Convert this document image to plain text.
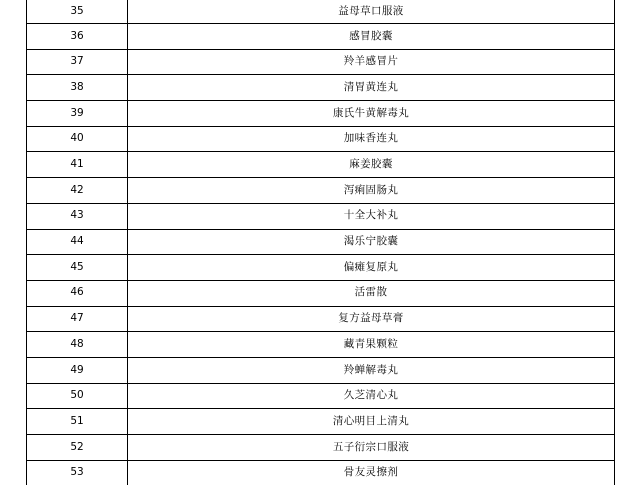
35	益母草口服液
36	感冒胶囊
37	羚羊感冒片
38	清胃黄连丸
39	康氏牛黄解毒丸
40	加味香连丸
41	麻姜胶囊
42	泻痢固肠丸
43	十全大补丸
44	渴乐宁胶囊
45	偏瘫复原丸
46	活雷散
47	复方益母草膏
48	藏青果颗粒
49	羚蝉解毒丸
50	久芝清心丸
51	清心明目上清丸
52	五子衍宗口服液
53	骨友灵擦剂
